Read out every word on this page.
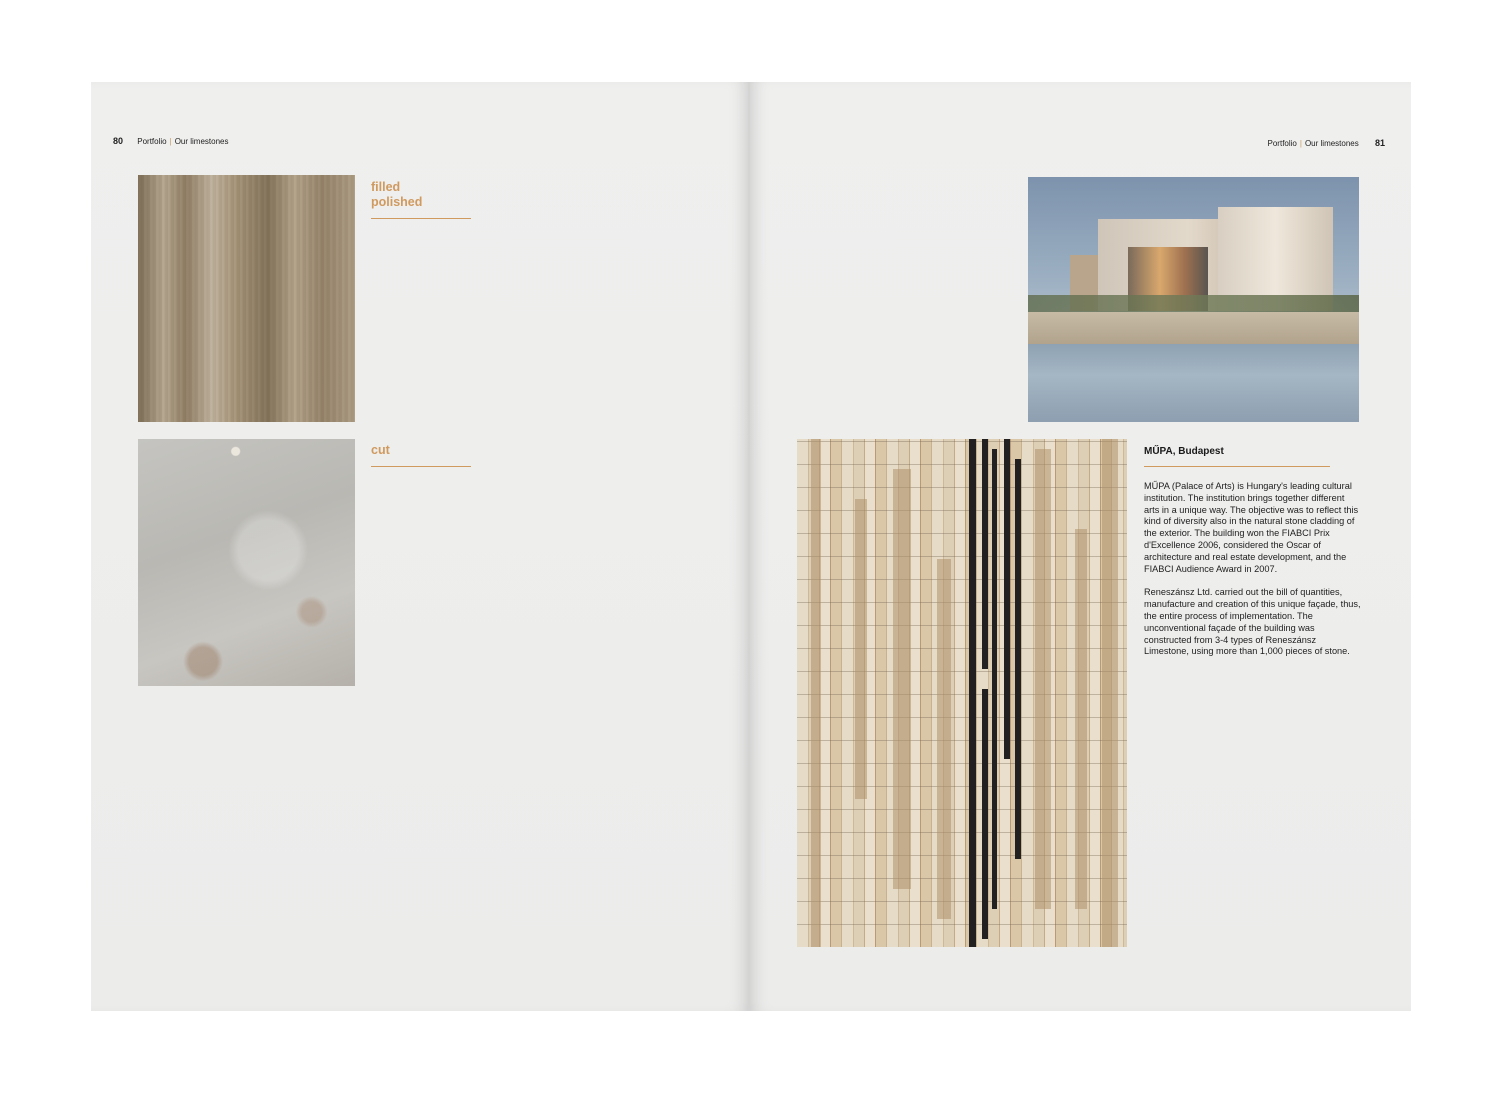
80 Portfolio | Our limestones	Portfolio | Our limestones 81
filled
polished
cut	MŰPA, Budapest

MŰPA (Palace of Arts) is Hungary's leading cultural institution. The institution brings together different arts in a unique way. The objective was to reflect this kind of diversity also in the natural stone cladding of the exterior. The building won the FIABCI Prix d'Excellence 2006, considered the Oscar of architecture and real estate development, and the FIABCI Audience Award in 2007.

Reneszánsz Ltd. carried out the bill of quantities, manufacture and creation of this unique façade, thus, the entire process of implementation. The unconventional façade of the building was constructed from 3-4 types of Reneszánsz Limestone, using more than 1,000 pieces of stone.
